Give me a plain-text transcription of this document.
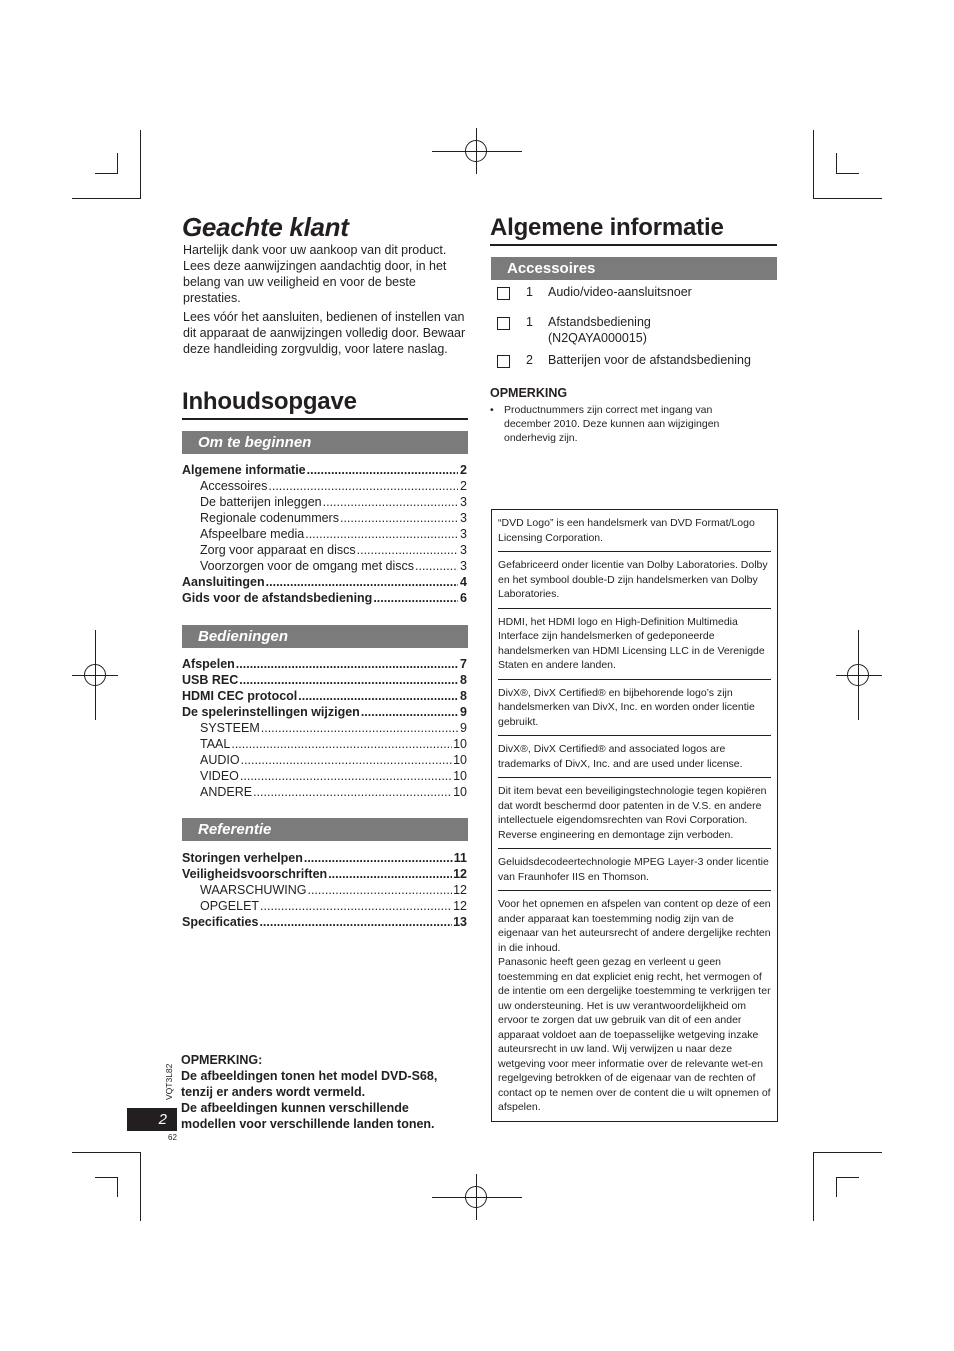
Geachte klant

Hartelijk dank voor uw aankoop van dit product. Lees deze aanwijzingen aandachtig door, in het belang van uw veiligheid en voor de beste prestaties.

Lees vóór het aansluiten, bedienen of instellen van dit apparaat de aanwijzingen volledig door. Bewaar deze handleiding zorgvuldig, voor latere naslag.

Inhoudsopgave
Om te beginnen
Algemene informatie .....	2
Accessoires .....	2
De batterijen inleggen .....	3
Regionale codenummers .....	3
Afspeelbare media .....	3
Zorg voor apparaat en discs .....	3
Voorzorgen voor de omgang met discs .....	3
Aansluitingen .....	4
Gids voor de afstandsbediening .....	6
Bedieningen
Afspelen .....	7
USB REC .....	8
HDMI CEC protocol .....	8
De spelerinstellingen wijzigen .....	9
SYSTEEM .....	9
TAAL .....	10
AUDIO .....	10
VIDEO .....	10
ANDERE .....	10
Referentie
Storingen verhelpen .....	11
Veiligheidsvoorschriften .....	12
WAARSCHUWING .....	12
OPGELET .....	12
Specificaties .....	13
OPMERKING:
De afbeeldingen tonen het model DVD-S68,
tenzij er anders wordt vermeld.
De afbeeldingen kunnen verschillende
modellen voor verschillende landen tonen.
VQT3L82
2
62
Algemene informatie
Accessoires
1	Audio/video-aansluitsnoer
1	Afstandsbediening
(N2QAYA000015)
2	Batterijen voor de afstandsbediening
OPMERKING
• Productnummers zijn correct met ingang van december 2010. Deze kunnen aan wijzigingen onderhevig zijn.
“DVD Logo” is een handelsmerk van DVD Format/Logo Licensing Corporation.
Gefabriceerd onder licentie van Dolby Laboratories. Dolby en het symbool double-D zijn handelsmerken van Dolby Laboratories.
HDMI, het HDMI logo en High-Definition Multimedia Interface zijn handelsmerken of gedeponeerde handelsmerken van HDMI Licensing LLC in de Verenigde Staten en andere landen.
DivX®, DivX Certified® en bijbehorende logo’s zijn handelsmerken van DivX, Inc. en worden onder licentie gebruikt.
DivX®, DivX Certified® and associated logos are trademarks of DivX, Inc. and are used under license.
Dit item bevat een beveiligingstechnologie tegen kopiëren dat wordt beschermd door patenten in de V.S. en andere intellectuele eigendomsrechten van Rovi Corporation.
Reverse engineering en demontage zijn verboden.
Geluidsdecodeertechnologie MPEG Layer-3 onder licentie van Fraunhofer IIS en Thomson.
Voor het opnemen en afspelen van content op deze of een ander apparaat kan toestemming nodig zijn van de eigenaar van het auteursrecht of andere dergelijke rechten in die inhoud.
Panasonic heeft geen gezag en verleent u geen toestemming en dat expliciet enig recht, het vermogen of de intentie om een dergelijke toestemming te verkrijgen ter uw ondersteuning. Het is uw verantwoordelijkheid om ervoor te zorgen dat uw gebruik van dit of een ander apparaat voldoet aan de toepasselijke wetgeving inzake auteursrecht in uw land. Wij verwijzen u naar deze wetgeving voor meer informatie over de relevante wet-en regelgeving betrokken of de eigenaar van de rechten of contact op te nemen over de content die u wilt opnemen of afspelen.
